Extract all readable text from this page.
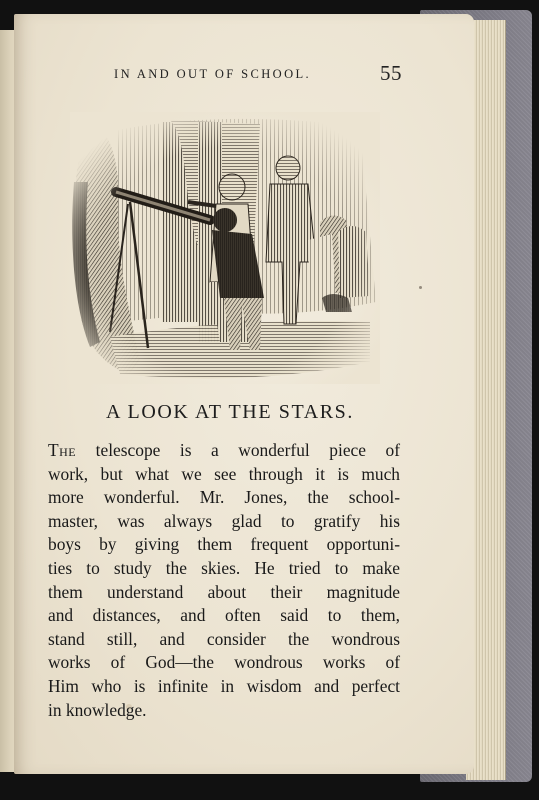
IN AND OUT OF SCHOOL.	55
A LOOK AT THE STARS.
The telescope is a wonderful piece of
work, but what we see through it is much
more wonderful. Mr. Jones, the school-
master, was always glad to gratify his
boys by giving them frequent opportuni-
ties to study the skies. He tried to make
them understand about their magnitude
and distances, and often said to them,
stand still, and consider the wondrous
works of God—the wondrous works of
Him who is infinite in wisdom and perfect
in knowledge.
